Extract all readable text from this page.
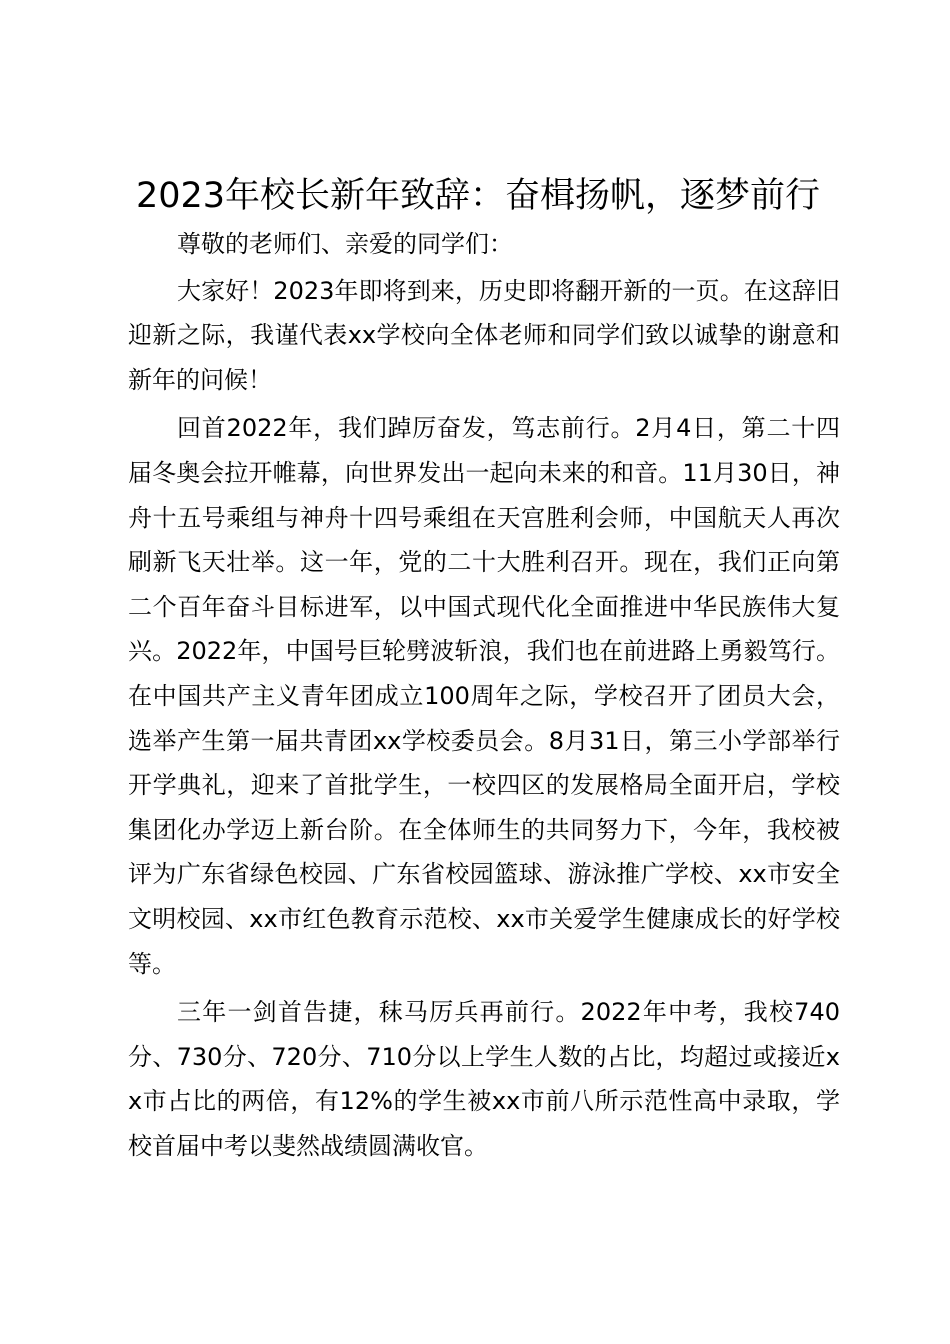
2023年校长新年致辞：奋楫扬帆，逐梦前行

尊敬的老师们、亲爱的同学们：

大家好！2023年即将到来，历史即将翻开新的一页。在这辞旧迎新之际，我谨代表xx学校向全体老师和同学们致以诚挚的谢意和新年的问候！

回首2022年，我们踔厉奋发，笃志前行。2月4日，第二十四届冬奥会拉开帷幕，向世界发出一起向未来的和音。11月30日，神舟十五号乘组与神舟十四号乘组在天宫胜利会师，中国航天人再次刷新飞天壮举。这一年，党的二十大胜利召开。现在，我们正向第二个百年奋斗目标进军，以中国式现代化全面推进中华民族伟大复兴。2022年，中国号巨轮劈波斩浪，我们也在前进路上勇毅笃行。在中国共产主义青年团成立100周年之际，学校召开了团员大会，选举产生第一届共青团xx学校委员会。8月31日，第三小学部举行开学典礼，迎来了首批学生，一校四区的发展格局全面开启，学校集团化办学迈上新台阶。在全体师生的共同努力下，今年，我校被评为广东省绿色校园、广东省校园篮球、游泳推广学校、xx市安全文明校园、xx市红色教育示范校、xx市关爱学生健康成长的好学校等。

三年一剑首告捷，秣马厉兵再前行。2022年中考，我校740分、730分、720分、710分以上学生人数的占比，均超过或接近xx市占比的两倍，有12%的学生被xx市前八所示范性高中录取，学校首届中考以斐然战绩圆满收官。
